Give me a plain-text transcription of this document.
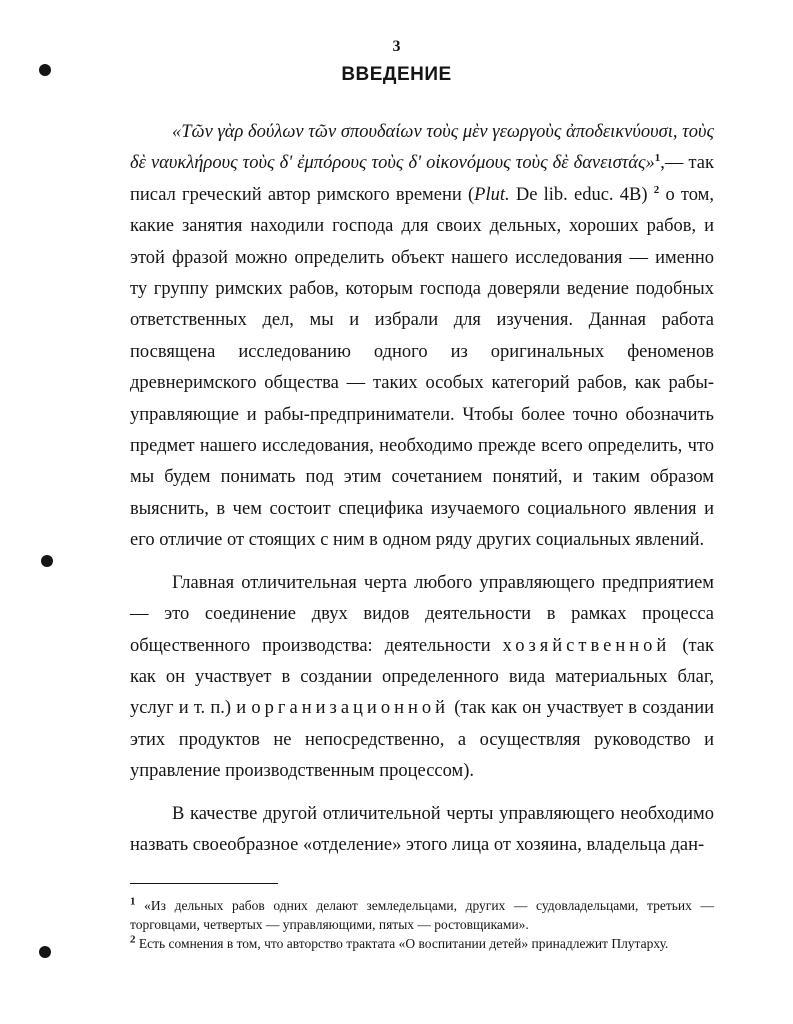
3
ВВЕДЕНИЕ

«Τῶν γὰρ δούλων τῶν σπουδαίων τοὺς μὲν γεωργοὺς ἀποδεικνύουσι, τοὺς δὲ ναυκλήρους τοὺς δ' ἐμπόρους τοὺς δ' οἰκονόμους τοὺς δὲ δανειστάς»$^1$,— так писал греческий автор римского времени (Plut. De lib. educ. 4B) $^2$ о том, какие занятия находили господа для своих дельных, хороших рабов, и этой фразой можно определить объект нашего исследования — именно ту группу римских рабов, которым господа доверяли ведение подобных ответственных дел, мы и избрали для изучения. Данная работа посвящена исследованию одного из оригинальных феноменов древнеримского общества — таких особых категорий рабов, как рабы-управляющие и рабы-предприниматели. Чтобы более точно обозначить предмет нашего исследования, необходимо прежде всего определить, что мы будем понимать под этим сочетанием понятий, и таким образом выяснить, в чем состоит специфика изучаемого социального явления и его отличие от стоящих с ним в одном ряду других социальных явлений.

Главная отличительная черта любого управляющего предприятием — это соединение двух видов деятельности в рамках процесса общественного производства: деятельности хозяйственной (так как он участвует в создании определенного вида материальных благ, услуг и т. п.) и организационной (так как он участвует в создании этих продуктов не непосредственно, а осуществляя руководство и управление производственным процессом).

В качестве другой отличительной черты управляющего необходимо назвать своеобразное «отделение» этого лица от хозяина, владельца дан-

$^1$ «Из дельных рабов одних делают земледельцами, других — судовладельцами, третьих — торговцами, четвертых — управляющими, пятых — ростовщиками».

$^2$ Есть сомнения в том, что авторство трактата «О воспитании детей» принадлежит Плутарху.
